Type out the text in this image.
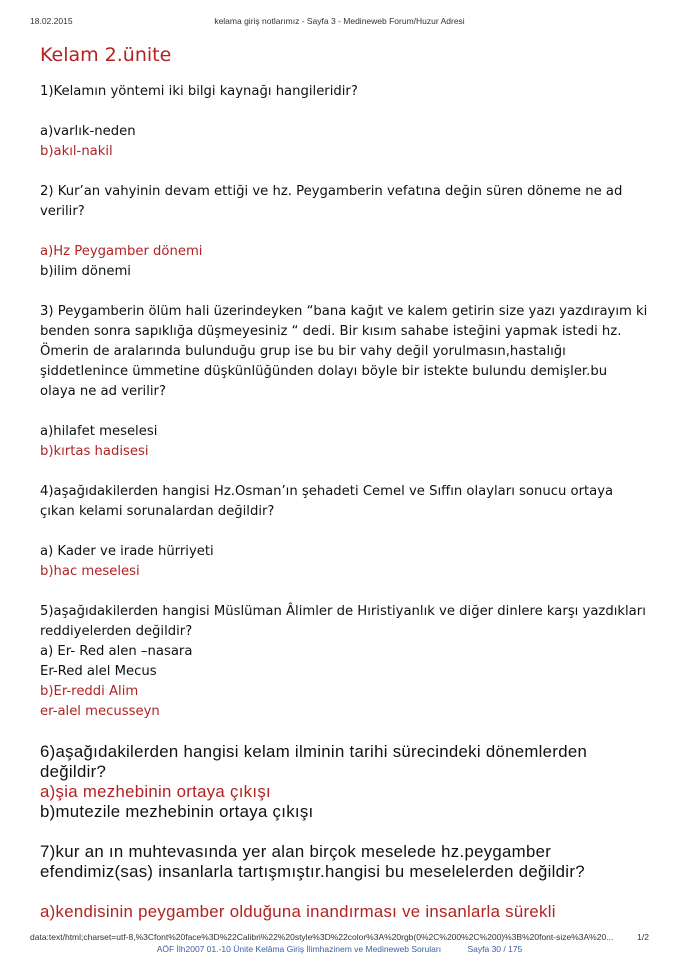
18.02.2015	kelama giriş notlarımız - Sayfa 3 - Medineweb Forum/Huzur Adresi
Kelam 2.ünite
1)Kelamın yöntemi iki bilgi kaynağı hangileridir?
a)varlık-neden
b)akıl-nakil
2) Kur’an vahyinin devam ettiği ve hz. Peygamberin vefatına değin süren döneme ne ad
verilir?
a)Hz Peygamber dönemi
b)ilim dönemi
3) Peygamberin ölüm hali üzerindeyken “bana kağıt ve kalem getirin size yazı yazdırayım ki
benden sonra sapıklığa düşmeyesiniz “ dedi. Bir kısım sahabe isteğini yapmak istedi hz.
Ömerin de aralarında bulunduğu grup ise bu bir vahy değil yorulmasın,hastalığı
şiddetlenince ümmetine düşkünlüğünden dolayı böyle bir istekte bulundu demişler.bu
olaya ne ad verilir?
a)hilafet meselesi
b)kırtas hadisesi
4)aşağıdakilerden hangisi Hz.Osman’ın şehadeti Cemel ve Sıffın olayları sonucu ortaya
çıkan kelami sorunalardan değildir?
a) Kader ve irade hürriyeti
b)hac meselesi
5)aşağıdakilerden hangisi Müslüman Âlimler de Hıristiyanlık ve diğer dinlere karşı yazdıkları
reddiyelerden değildir?
a) Er- Red alen –nasara
Er-Red alel Mecus
b)Er-reddi Alim
er-alel mecusseyn
6)aşağıdakilerden hangisi kelam ilminin tarihi sürecindeki dönemlerden
değildir?
a)şia mezhebinin ortaya çıkışı
b)mutezile mezhebinin ortaya çıkışı
7)kur an ın muhtevasında yer alan birçok meselede hz.peygamber
efendimiz(sas) insanlarla tartışmıştır.hangisi bu meselelerden değildir?
a)kendisinin peygamber olduğuna inandırması ve insanlarla sürekli
data:text/html;charset=utf-8,%3Cfont%20face%3D%22Calibri%22%20style%3D%22color%3A%20rgb(0%2C%200%2C%200)%3B%20font-size%3A%20...	1/2
AÖF İlh2007 01.-10 Ünite Kelâma Giriş İlimhazinem ve Medineweb Soruları	Sayfa 30 / 175
